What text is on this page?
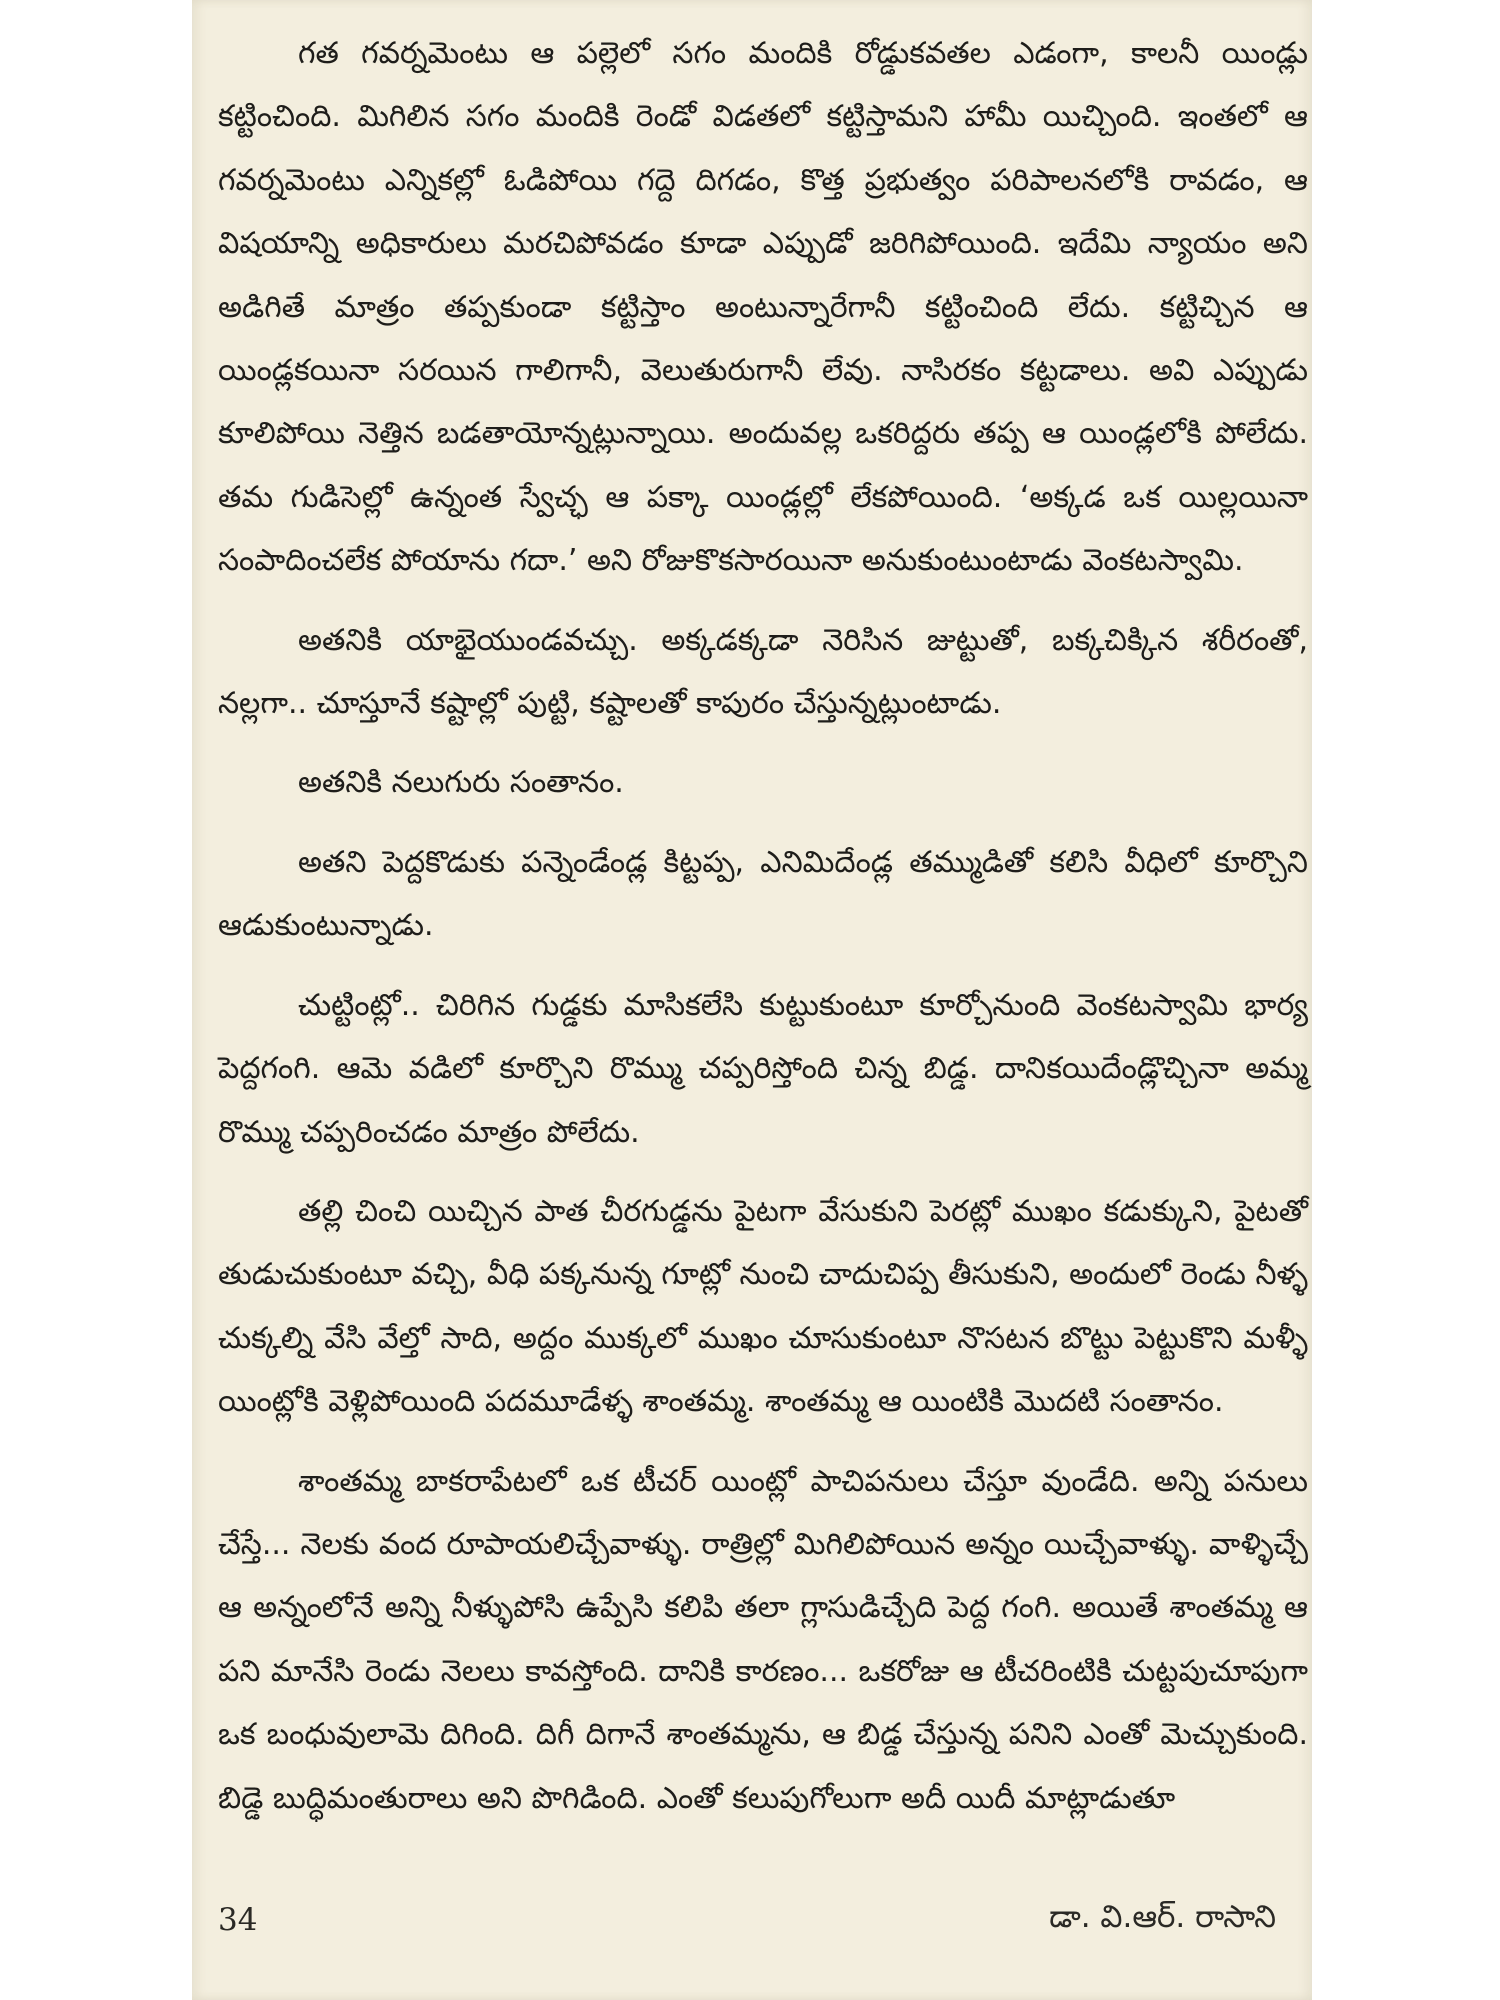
గత గవర్నమెంటు ఆ పల్లెలో సగం మందికి రోడ్డుకవతల ఎడంగా, కాలనీ యిండ్లు కట్టించింది. మిగిలిన సగం మందికి రెండో విడతలో కట్టిస్తామని హామీ యిచ్చింది. ఇంతలో ఆ గవర్నమెంటు ఎన్నికల్లో ఓడిపోయి గద్దె దిగడం, కొత్త ప్రభుత్వం పరిపాలనలోకి రావడం, ఆ విషయాన్ని అధికారులు మరచిపోవడం కూడా ఎప్పుడో జరిగిపోయింది. ఇదేమి న్యాయం అని అడిగితే మాత్రం తప్పకుండా కట్టిస్తాం అంటున్నారేగానీ కట్టించింది లేదు. కట్టిచ్చిన ఆ యిండ్లకయినా సరయిన గాలిగానీ, వెలుతురుగానీ లేవు. నాసిరకం కట్టడాలు. అవి ఎప్పుడు కూలిపోయి నెత్తిన బడతాయోన్నట్లున్నాయి. అందువల్ల ఒకరిద్దరు తప్ప ఆ యిండ్లలోకి పోలేదు. తమ గుడిసెల్లో ఉన్నంత స్వేచ్ఛ ఆ పక్కా యిండ్లల్లో లేకపోయింది. ‘అక్కడ ఒక యిల్లయినా సంపాదించలేక పోయాను గదా.’ అని రోజుకొకసారయినా అనుకుంటుంటాడు వెంకటస్వామి.

అతనికి యాభైయుండవచ్చు. అక్కడక్కడా నెరిసిన జుట్టుతో, బక్కచిక్కిన శరీరంతో, నల్లగా.. చూస్తూనే కష్టాల్లో పుట్టి, కష్టాలతో కాపురం చేస్తున్నట్లుంటాడు.

అతనికి నలుగురు సంతానం.

అతని పెద్దకొడుకు పన్నెండేండ్ల కిట్టప్ప, ఎనిమిదేండ్ల తమ్ముడితో కలిసి వీధిలో కూర్చొని ఆడుకుంటున్నాడు.

చుట్టింట్లో.. చిరిగిన గుడ్డకు మాసికలేసి కుట్టుకుంటూ కూర్చోనుంది వెంకటస్వామి భార్య పెద్దగంగి. ఆమె వడిలో కూర్చొని రొమ్ము చప్పరిస్తోంది చిన్న బిడ్డ. దానికయిదేండ్లొచ్చినా అమ్మ రొమ్ము చప్పరించడం మాత్రం పోలేదు.

తల్లి చించి యిచ్చిన పాత చీరగుడ్డను పైటగా వేసుకుని పెరట్లో ముఖం కడుక్కుని, పైటతో తుడుచుకుంటూ వచ్చి, వీధి పక్కనున్న గూట్లో నుంచి చాదుచిప్ప తీసుకుని, అందులో రెండు నీళ్ళ చుక్కల్ని వేసి వేల్తో సాది, అద్దం ముక్కలో ముఖం చూసుకుంటూ నొసటన బొట్టు పెట్టుకొని మళ్ళీ యింట్లోకి వెళ్లిపోయింది పదమూడేళ్ళ శాంతమ్మ. శాంతమ్మ ఆ యింటికి మొదటి సంతానం.

శాంతమ్మ బాకరాపేటలో ఒక టీచర్ యింట్లో పాచిపనులు చేస్తూ వుండేది. అన్ని పనులు చేస్తే... నెలకు వంద రూపాయలిచ్చేవాళ్ళు. రాత్రిల్లో మిగిలిపోయిన అన్నం యిచ్చేవాళ్ళు. వాళ్ళిచ్చే ఆ అన్నంలోనే అన్ని నీళ్ళుపోసి ఉప్పేసి కలిపి తలా గ్లాసుడిచ్చేది పెద్ద గంగి. అయితే శాంతమ్మ ఆ పని మానేసి రెండు నెలలు కావస్తోంది. దానికి కారణం... ఒకరోజు ఆ టీచరింటికి చుట్టపుచూపుగా ఒక బంధువులామె దిగింది. దిగీ దిగానే శాంతమ్మను, ఆ బిడ్డ చేస్తున్న పనిని ఎంతో మెచ్చుకుంది. బిడ్డె బుద్ధిమంతురాలు అని పొగిడింది. ఎంతో కలుపుగోలుగా అదీ యిదీ మాట్లాడుతూ

34	డా. వి.ఆర్. రాసాని
